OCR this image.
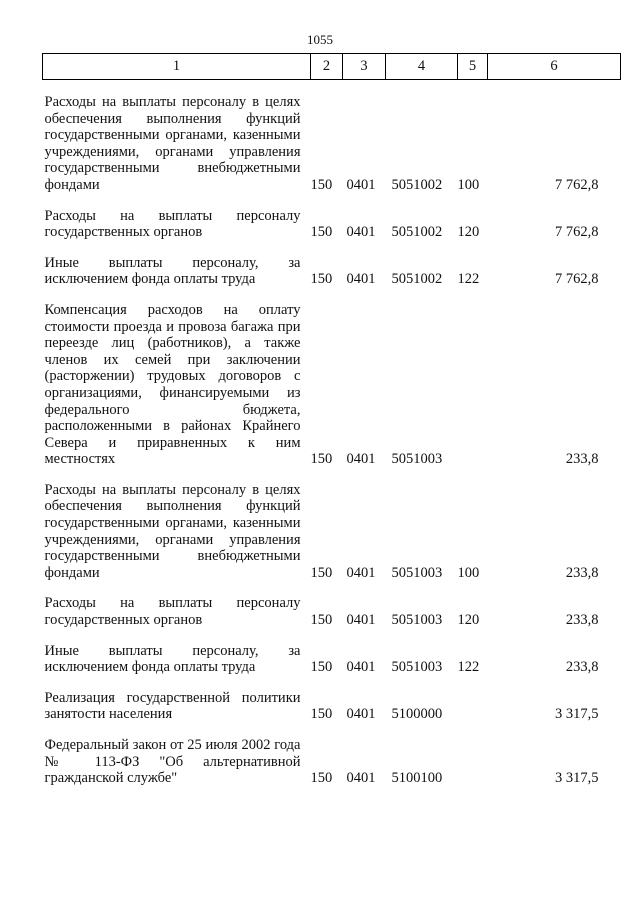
1055
1	2	3	4	5	6

Расходы на выплаты персоналу в целях обеспечения выполнения функций государственными органами, казенными учреждениями, органами управления государственными внебюджетными фондами	150	0401	5051002	100	7 762,8

Расходы на выплаты персоналу государственных органов	150	0401	5051002	120	7 762,8

Иные выплаты персоналу, за исключением фонда оплаты труда	150	0401	5051002	122	7 762,8

Компенсация расходов на оплату стоимости проезда и провоза багажа при переезде лиц (работников), а также членов их семей при заключении (расторжении) трудовых договоров с организациями, финансируемыми из федерального бюджета, расположенными в районах Крайнего Севера и приравненных к ним местностях	150	0401	5051003		233,8

Расходы на выплаты персоналу в целях обеспечения выполнения функций государственными органами, казенными учреждениями, органами управления государственными внебюджетными фондами	150	0401	5051003	100	233,8

Расходы на выплаты персоналу государственных органов	150	0401	5051003	120	233,8

Иные выплаты персоналу, за исключением фонда оплаты труда	150	0401	5051003	122	233,8

Реализация государственной политики занятости населения	150	0401	5100000		3 317,5

Федеральный закон от 25 июля 2002 года № 113-ФЗ "Об альтернативной гражданской службе"	150	0401	5100100		3 317,5
